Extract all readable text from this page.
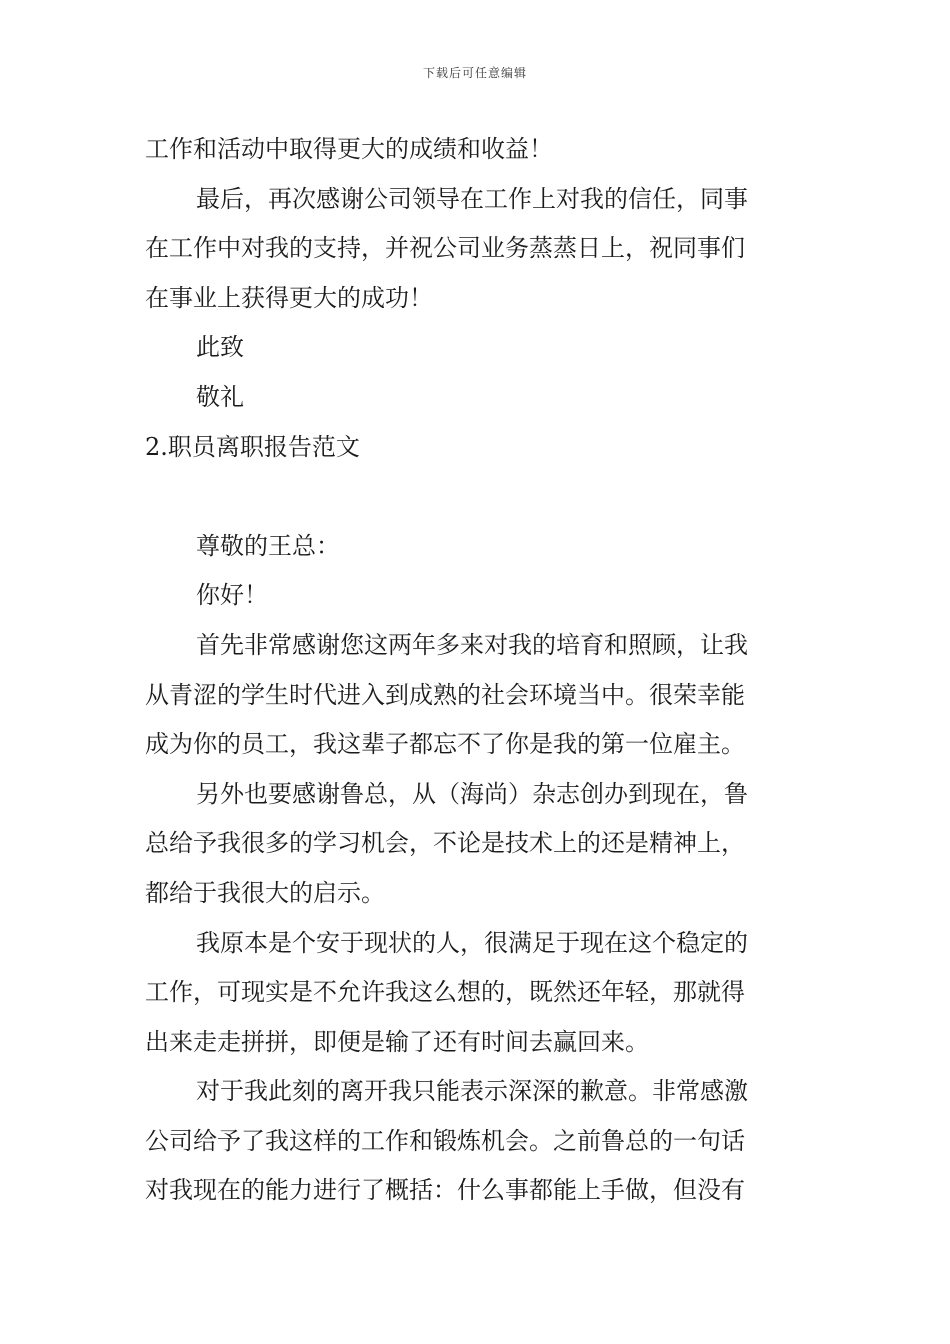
下载后可任意编辑
工作和活动中取得更大的成绩和收益！
最后，再次感谢公司领导在工作上对我的信任，同事
在工作中对我的支持，并祝公司业务蒸蒸日上，祝同事们
在事业上获得更大的成功！
此致
敬礼
2.职员离职报告范文
尊敬的王总：
你好！
首先非常感谢您这两年多来对我的培育和照顾，让我
从青涩的学生时代进入到成熟的社会环境当中。很荣幸能
成为你的员工，我这辈子都忘不了你是我的第一位雇主。
另外也要感谢鲁总，从（海尚）杂志创办到现在，鲁
总给予我很多的学习机会，不论是技术上的还是精神上，
都给于我很大的启示。
我原本是个安于现状的人，很满足于现在这个稳定的
工作，可现实是不允许我这么想的，既然还年轻，那就得
出来走走拼拼，即便是输了还有时间去赢回来。
对于我此刻的离开我只能表示深深的歉意。非常感激
公司给予了我这样的工作和锻炼机会。之前鲁总的一句话
对我现在的能力进行了概括：什么事都能上手做，但没有
